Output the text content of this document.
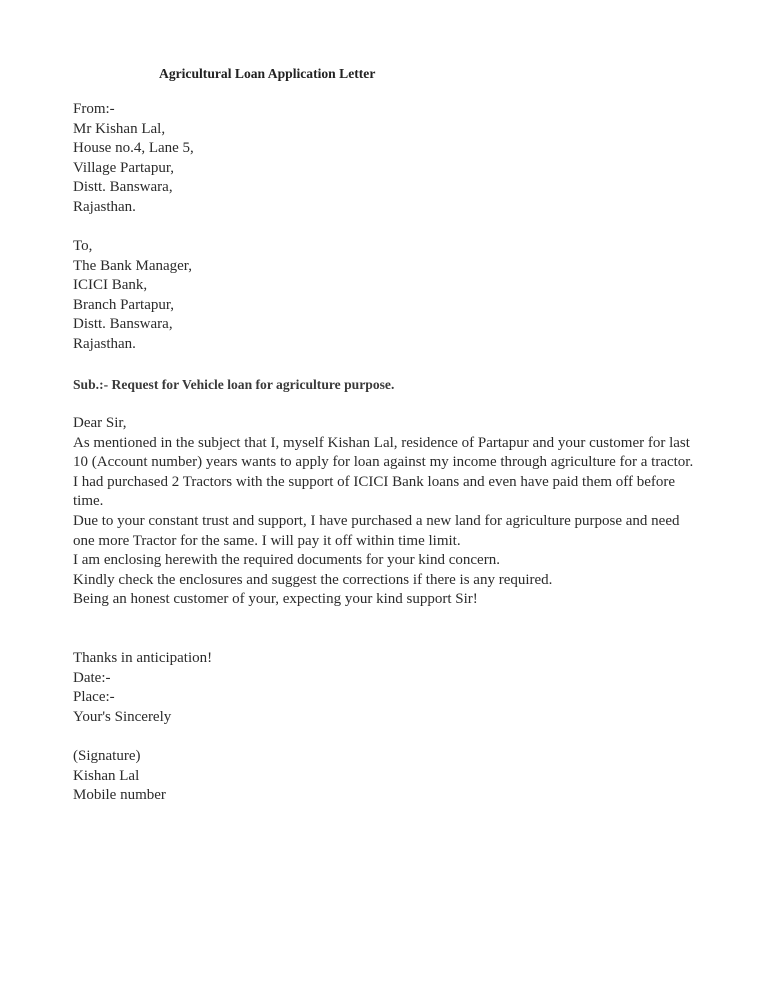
Agricultural Loan Application Letter
From:-
Mr Kishan Lal,
House no.4, Lane 5,
Village Partapur,
Distt. Banswara,
Rajasthan.
To,
The Bank Manager,
ICICI Bank,
Branch Partapur,
Distt. Banswara,
Rajasthan.
Sub.:- Request for Vehicle loan for agriculture purpose.
Dear Sir,
As mentioned in the subject that I, myself Kishan Lal, residence of Partapur and your customer for last 10 (Account number) years wants to apply for loan against my income through agriculture for a tractor.
I had purchased 2 Tractors with the support of ICICI Bank loans and even have paid them off before time.
Due to your constant trust and support, I have purchased a new land for agriculture purpose and need one more Tractor for the same. I will pay it off within time limit.
I am enclosing herewith the required documents for your kind concern.
Kindly check the enclosures and suggest the corrections if there is any required.
Being an honest customer of your, expecting your kind support Sir!
Thanks in anticipation!
Date:-
Place:-
Your's Sincerely
(Signature)
Kishan Lal
Mobile number
